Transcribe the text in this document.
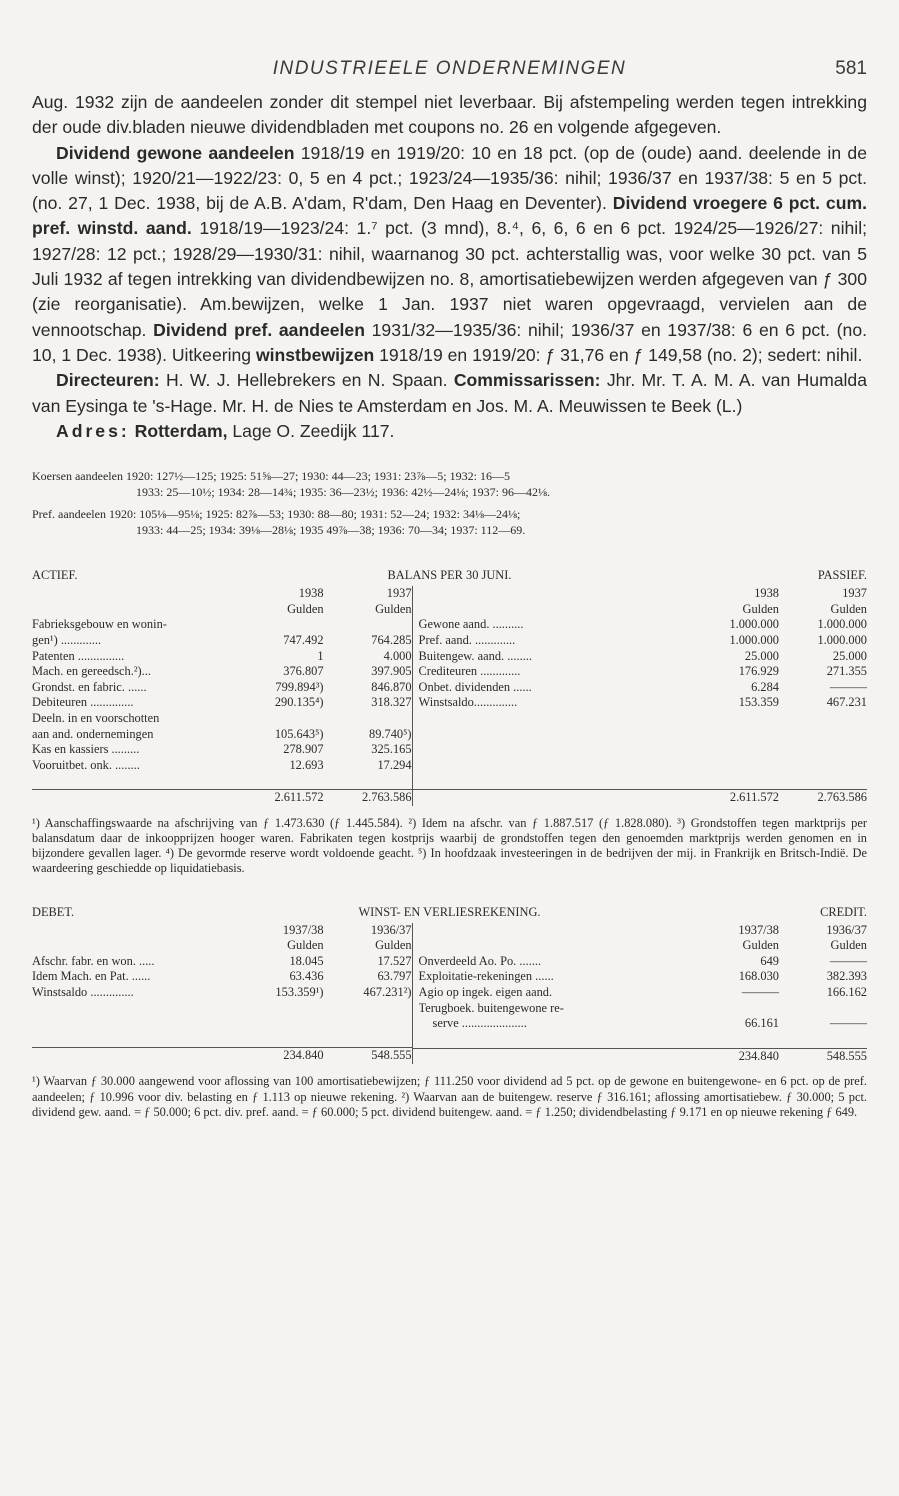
INDUSTRIEELE ONDERNEMINGEN	581

Aug. 1932 zijn de aandeelen zonder dit stempel niet leverbaar. Bij afstempeling werden tegen intrekking der oude div.bladen nieuwe dividendbladen met coupons no. 26 en volgende afgegeven.

Dividend gewone aandeelen 1918/19 en 1919/20: 10 en 18 pct. (op de (oude) aand. deelende in de volle winst); 1920/21—1922/23: 0, 5 en 4 pct.; 1923/24—1935/36: nihil; 1936/37 en 1937/38: 5 en 5 pct. (no. 27, 1 Dec. 1938, bij de A.B. A'dam, R'dam, Den Haag en Deventer). Dividend vroegere 6 pct. cum. pref. winstd. aand. 1918/19—1923/24: 1.⁷ pct. (3 mnd), 8.⁴, 6, 6, 6 en 6 pct. 1924/25—1926/27: nihil; 1927/28: 12 pct.; 1928/29—1930/31: nihil, waarnanog 30 pct. achterstallig was, voor welke 30 pct. van 5 Juli 1932 af tegen intrekking van dividendbewijzen no. 8, amortisatiebewijzen werden afgegeven van ƒ 300 (zie reorganisatie). Am.bewijzen, welke 1 Jan. 1937 niet waren opgevraagd, vervielen aan de vennootschap. Dividend pref. aandeelen 1931/32—1935/36: nihil; 1936/37 en 1937/38: 6 en 6 pct. (no. 10, 1 Dec. 1938). Uitkeering winstbewijzen 1918/19 en 1919/20: ƒ 31,76 en ƒ 149,58 (no. 2); sedert: nihil.

Directeuren: H. W. J. Hellebrekers en N. Spaan. Commissarissen: Jhr. Mr. T. A. M. A. van Humalda van Eysinga te 's-Hage. Mr. H. de Nies te Amsterdam en Jos. M. A. Meuwissen te Beek (L.)

Adres: Rotterdam, Lage O. Zeedijk 117.

Koersen aandeelen 1920: 127½—125; 1925: 51⅝—27; 1930: 44—23; 1931: 23⅞—5; 1932: 16—5
1933: 25—10½; 1934: 28—14¾; 1935: 36—23½; 1936: 42½—24⅛; 1937: 96—42⅛.
Pref. aandeelen 1920: 105⅛—95⅛; 1925: 82⅞—53; 1930: 88—80; 1931: 52—24; 1932: 34⅛—24⅛;
1933: 44—25; 1934: 39⅛—28⅛; 1935 49⅞—38; 1936: 70—34; 1937: 112—69.
ACTIEF.	BALANS PER 30 JUNI.	PASSIEF.
1938	1937
Gulden	Gulden
Fabrieksgebouw en wonin-
gen¹) .............	747.492	764.285
Patenten ...............	1	4.000
Mach. en gereedsch.²)...	376.807	397.905
Grondst. en fabric. ......	799.894³)	846.870
Debiteuren ..............	290.135⁴)	318.327
Deeln. in en voorschotten
aan and. ondernemingen	105.643⁵)	89.740⁵)
Kas en kassiers .........	278.907	325.165
Vooruitbet. onk. ........	12.693	17.294
2.611.572	2.763.586
1938	1937
Gulden	Gulden
Gewone aand. ..........	1.000.000	1.000.000
Pref. aand. .............	1.000.000	1.000.000
Buitengew. aand. ........	25.000	25.000
Crediteuren .............	176.929	271.355
Onbet. dividenden ......	6.284	———
Winstsaldo..............	153.359	467.231
2.611.572	2.763.586
¹) Aanschaffingswaarde na afschrijving van ƒ 1.473.630 (ƒ 1.445.584). ²) Idem na afschr. van ƒ 1.887.517 (ƒ 1.828.080). ³) Grondstoffen tegen marktprijs per balansdatum daar de inkoopprijzen hooger waren. Fabrikaten tegen kostprijs waarbij de grondstoffen tegen den genoemden marktprijs werden genomen en in bijzondere gevallen lager. ⁴) De gevormde reserve wordt voldoende geacht. ⁵) In hoofdzaak investeeringen in de bedrijven der mij. in Frankrijk en Britsch-Indië. De waardeering geschiedde op liquidatiebasis.
DEBET.	WINST- EN VERLIESREKENING.	CREDIT.
1937/38	1936/37
Gulden	Gulden
Afschr. fabr. en won. .....	18.045	17.527
Idem Mach. en Pat. ......	63.436	63.797
Winstsaldo ..............	153.359¹)	467.231²)
234.840	548.555
1937/38	1936/37
Gulden	Gulden
Onverdeeld Ao. Po. .......	649	———
Exploitatie-rekeningen ......	168.030	382.393
Agio op ingek. eigen aand.	———	166.162
Terugboek. buitengewone re-
serve .....................	66.161	———
234.840	548.555
¹) Waarvan ƒ 30.000 aangewend voor aflossing van 100 amortisatiebewijzen; ƒ 111.250 voor dividend ad 5 pct. op de gewone en buitengewone- en 6 pct. op de pref. aandeelen; ƒ 10.996 voor div. belasting en ƒ 1.113 op nieuwe rekening. ²) Waarvan aan de buitengew. reserve ƒ 316.161; aflossing amortisatiebew. ƒ 30.000; 5 pct. dividend gew. aand. = ƒ 50.000; 6 pct. div. pref. aand. = ƒ 60.000; 5 pct. dividend buitengew. aand. = ƒ 1.250; dividendbelasting ƒ 9.171 en op nieuwe rekening ƒ 649.
